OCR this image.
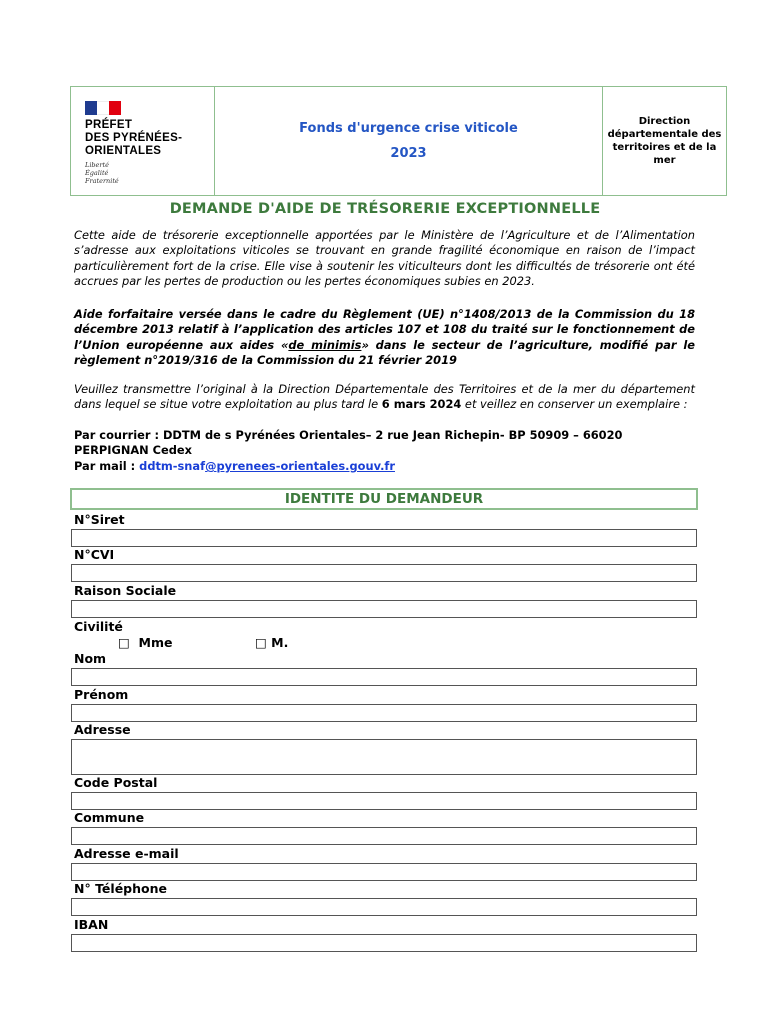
PRÉFET
DES PYRÉNÉES-
ORIENTALES
Liberté
Égalité
Fraternité
Fonds d'urgence crise viticole
2023
Direction
départementale des
territoires et de la
mer
DEMANDE D'AIDE DE TRÉSORERIE EXCEPTIONNELLE
Cette aide de trésorerie exceptionnelle apportées par le Ministère de l’Agriculture et de l’Alimentation s’adresse aux exploitations viticoles se trouvant en grande fragilité économique en raison de l’impact particulièrement fort de la crise. Elle vise à soutenir les viticulteurs dont les difficultés de trésorerie ont été accrues par les pertes de production ou les pertes économiques subies en 2023.
Aide forfaitaire versée dans le cadre du Règlement (UE) n°1408/2013 de la Commission du 18 décembre 2013 relatif à l’application des articles 107 et 108 du traité sur le fonctionnement de l’Union européenne aux aides «de minimis» dans le secteur de l’agriculture, modifié par le règlement n°2019/316 de la Commission du 21 février 2019
Veuillez transmettre l’original à la Direction Départementale des Territoires et de la mer du département dans lequel se situe votre exploitation au plus tard le 6 mars 2024 et veillez en conserver un exemplaire :
Par courrier : DDTM de s Pyrénées Orientales– 2 rue Jean Richepin- BP 50909 – 66020 PERPIGNAN Cedex
Par mail : ddtm-snaf@pyrenees-orientales.gouv.fr
IDENTITE DU DEMANDEUR
N°Siret
N°CVI
Raison Sociale
Civilité
□ Mme	□ M.
Nom
Prénom
Adresse
Code Postal
Commune
Adresse e-mail
N° Téléphone
IBAN
